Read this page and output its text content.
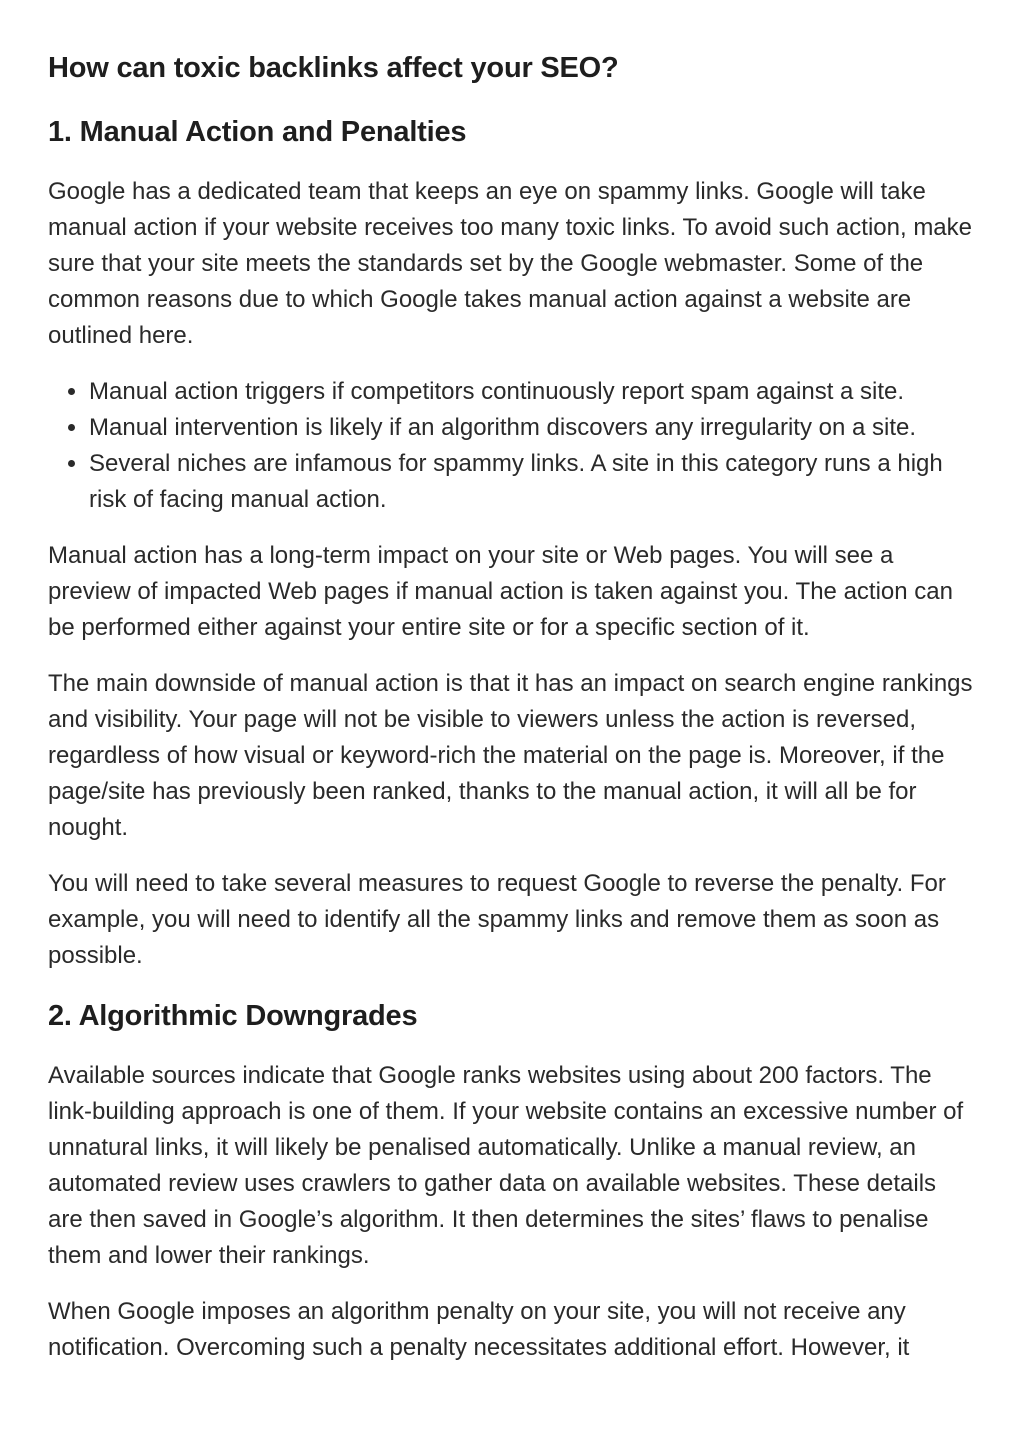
How can toxic backlinks affect your SEO?
1. Manual Action and Penalties

Google has a dedicated team that keeps an eye on spammy links. Google will take manual action if your website receives too many toxic links. To avoid such action, make sure that your site meets the standards set by the Google webmaster. Some of the common reasons due to which Google takes manual action against a website are outlined here.

• Manual action triggers if competitors continuously report spam against a site.
• Manual intervention is likely if an algorithm discovers any irregularity on a site.
• Several niches are infamous for spammy links. A site in this category runs a high risk of facing manual action.

Manual action has a long-term impact on your site or Web pages. You will see a preview of impacted Web pages if manual action is taken against you. The action can be performed either against your entire site or for a specific section of it.

The main downside of manual action is that it has an impact on search engine rankings and visibility. Your page will not be visible to viewers unless the action is reversed, regardless of how visual or keyword-rich the material on the page is. Moreover, if the page/site has previously been ranked, thanks to the manual action, it will all be for nought.

You will need to take several measures to request Google to reverse the penalty. For example, you will need to identify all the spammy links and remove them as soon as possible.

2. Algorithmic Downgrades

Available sources indicate that Google ranks websites using about 200 factors. The link-building approach is one of them. If your website contains an excessive number of unnatural links, it will likely be penalised automatically. Unlike a manual review, an automated review uses crawlers to gather data on available websites. These details are then saved in Google’s algorithm. It then determines the sites’ flaws to penalise them and lower their rankings.

When Google imposes an algorithm penalty on your site, you will not receive any notification. Overcoming such a penalty necessitates additional effort. However, it
